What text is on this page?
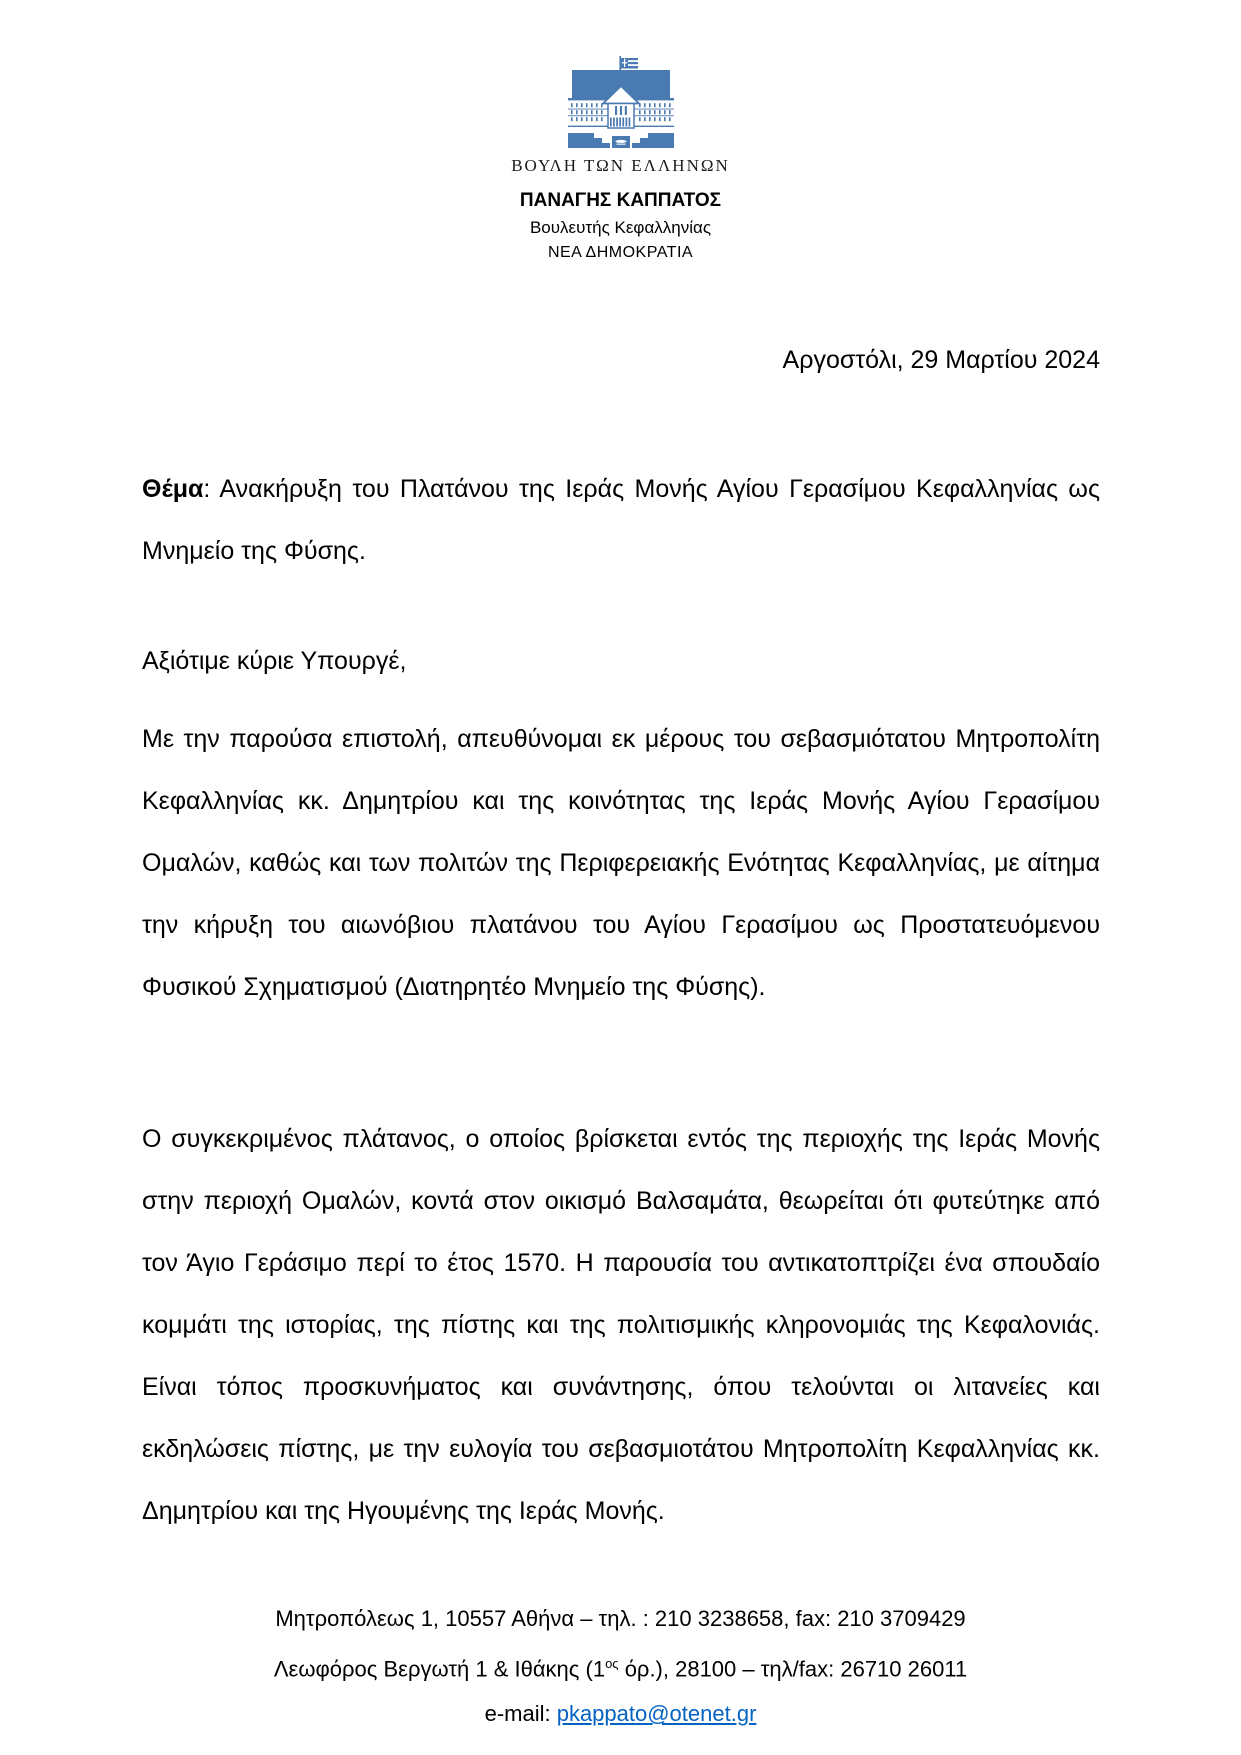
ΒΟΥΛΗ ΤΩΝ ΕΛΛΗΝΩΝ
ΠΑΝΑΓΗΣ ΚΑΠΠΑΤΟΣ
Βουλευτής Κεφαλληνίας
ΝΕΑ ΔΗΜΟΚΡΑΤΙΑ
Αργοστόλι, 29 Μαρτίου 2024
Θέμα: Ανακήρυξη του Πλατάνου της Ιεράς Μονής Αγίου Γερασίμου Κεφαλληνίας ως Μνημείο της Φύσης.
Αξιότιμε κύριε Υπουργέ,
Με την παρούσα επιστολή, απευθύνομαι εκ μέρους του σεβασμιότατου Μητροπολίτη Κεφαλληνίας κκ. Δημητρίου και της κοινότητας της Ιεράς Μονής Αγίου Γερασίμου Ομαλών, καθώς και των πολιτών της Περιφερειακής Ενότητας Κεφαλληνίας, με αίτημα την κήρυξη του αιωνόβιου πλατάνου του Αγίου Γερασίμου ως Προστατευόμενου Φυσικού Σχηματισμού (Διατηρητέο Μνημείο της Φύσης).
Ο συγκεκριμένος πλάτανος, ο οποίος βρίσκεται εντός της περιοχής της Ιεράς Μονής στην περιοχή Ομαλών, κοντά στον οικισμό Βαλσαμάτα, θεωρείται ότι φυτεύτηκε από τον Άγιο Γεράσιμο περί το έτος 1570. Η παρουσία του αντικατοπτρίζει ένα σπουδαίο κομμάτι της ιστορίας, της πίστης και της πολιτισμικής κληρονομιάς της Κεφαλονιάς. Είναι τόπος προσκυνήματος και συνάντησης, όπου τελούνται οι λιτανείες και εκδηλώσεις πίστης, με την ευλογία του σεβασμιοτάτου Μητροπολίτη Κεφαλληνίας κκ. Δημητρίου και της Ηγουμένης της Ιεράς Μονής.
Μητροπόλεως 1, 10557 Αθήνα – τηλ. : 210 3238658, fax: 210 3709429
Λεωφόρος Βεργωτή 1 & Ιθάκης ($1^{o\varsigma}$ όρ.), 28100 – τηλ/fax: 26710 26011
e-mail: pkappato@otenet.gr
